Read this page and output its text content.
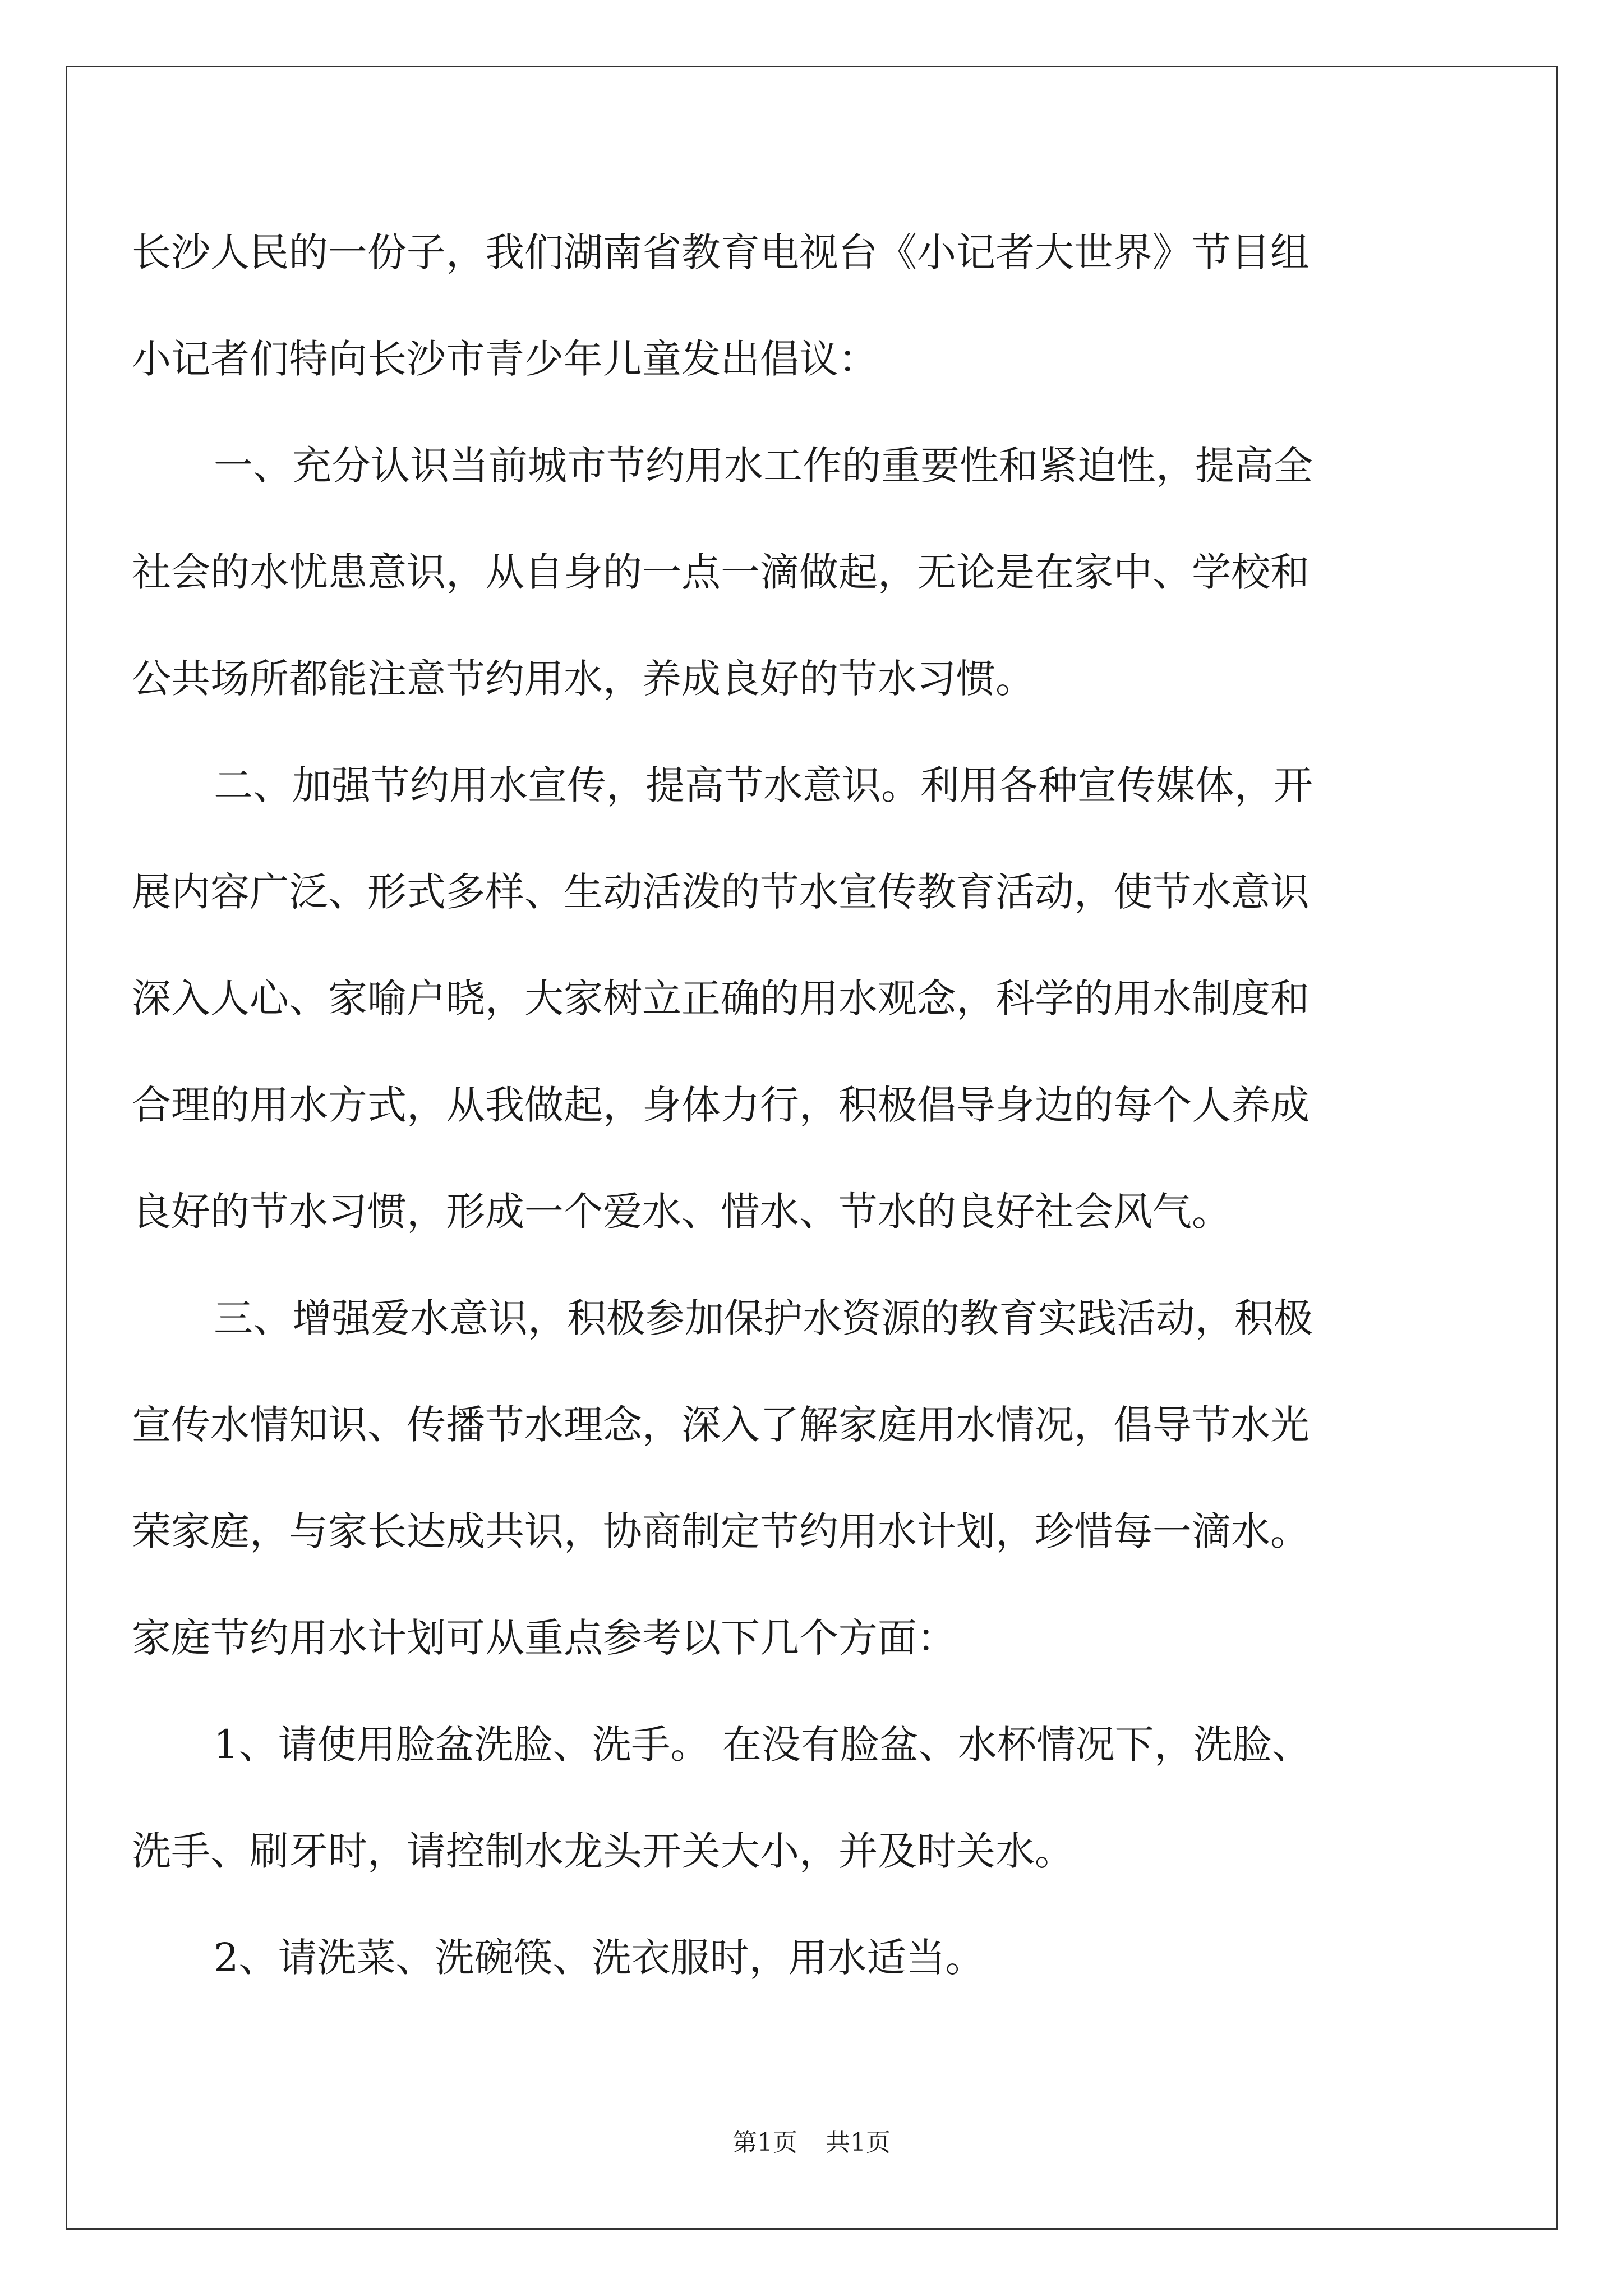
长沙人民的一份子，我们湖南省教育电视台《小记者大世界》节目组
小记者们特向长沙市青少年儿童发出倡议：
一、充分认识当前城市节约用水工作的重要性和紧迫性，提高全
社会的水忧患意识，从自身的一点一滴做起，无论是在家中、学校和
公共场所都能注意节约用水，养成良好的节水习惯。
二、加强节约用水宣传，提高节水意识。利用各种宣传媒体，开
展内容广泛、形式多样、生动活泼的节水宣传教育活动，使节水意识
深入人心、家喻户晓，大家树立正确的用水观念，科学的用水制度和
合理的用水方式，从我做起，身体力行，积极倡导身边的每个人养成
良好的节水习惯，形成一个爱水、惜水、节水的良好社会风气。
三、增强爱水意识，积极参加保护水资源的教育实践活动，积极
宣传水情知识、传播节水理念，深入了解家庭用水情况，倡导节水光
荣家庭，与家长达成共识，协商制定节约用水计划，珍惜每一滴水。
家庭节约用水计划可从重点参考以下几个方面：
1、请使用脸盆洗脸、洗手。 在没有脸盆、水杯情况下，洗脸、
洗手、刷牙时，请控制水龙头开关大小，并及时关水。
2、请洗菜、洗碗筷、洗衣服时，用水适当。
第1页 共1页
